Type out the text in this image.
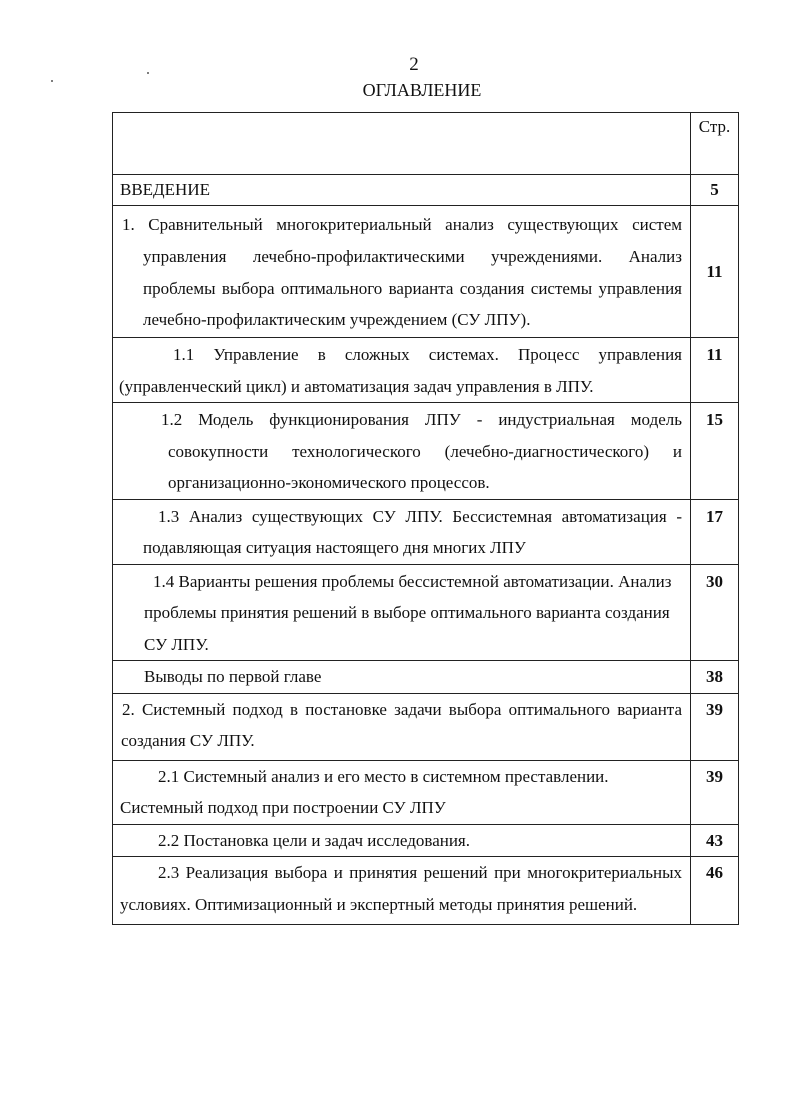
2
ОГЛАВЛЕНИЕ
	Стр.

ВВЕДЕНИЕ	5

1. Сравнительный многокритериальный анализ существующих систем управления лечебно-профилактическими учреждениями. Анализ проблемы выбора оптимального варианта создания системы управления лечебно-профилактическим учреждением (СУ ЛПУ).	11

1.1 Управление в сложных системах. Процесс управления (управленческий цикл) и автоматизация задач управления в ЛПУ.	11

1.2 Модель функционирования ЛПУ - индустриальная модель совокупности технологического (лечебно-диагностического) и организационно-экономического процессов.	15

1.3 Анализ существующих СУ ЛПУ. Бессистемная автоматизация - подавляющая ситуация настоящего дня многих ЛПУ	17

1.4 Варианты решения проблемы бессистемной автоматизации. Анализ проблемы принятия решений в выборе оптимального варианта создания СУ ЛПУ.	30

Выводы по первой главе	38

2. Системный подход в постановке задачи выбора оптимального варианта создания СУ ЛПУ.	39

2.1 Системный анализ и его место в системном преставлении. Системный подход при построении СУ ЛПУ	39

2.2 Постановка цели и задач исследования.	43

2.3 Реализация выбора и принятия решений при многокритериальных условиях. Оптимизационный и экспертный методы принятия решений.	46
